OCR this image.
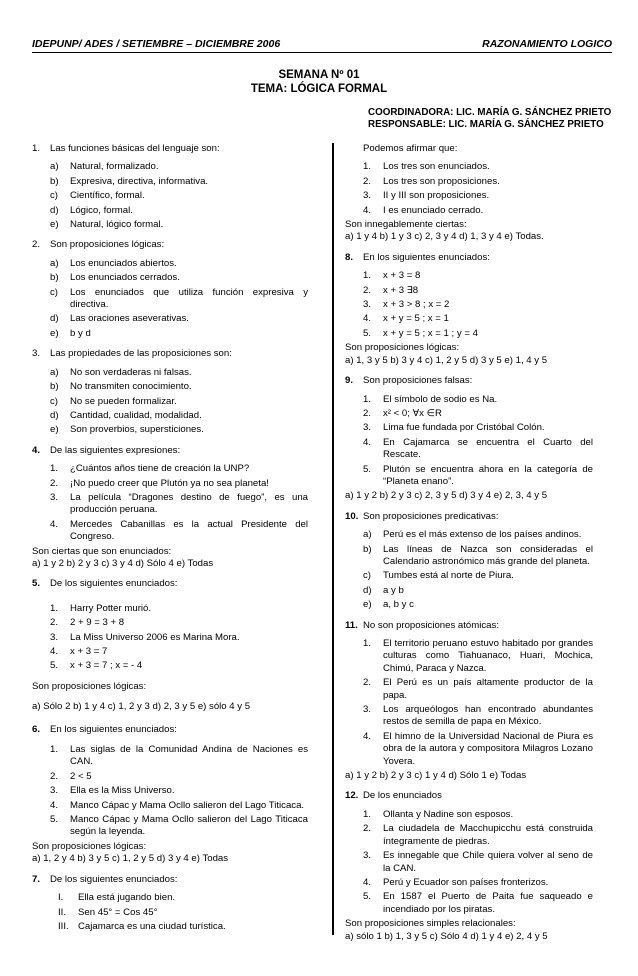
IDEPUNP/ ADES / SETIEMBRE – DICIEMBRE 2006	RAZONAMIENTO LOGICO
SEMANA Nº 01
TEMA: LÓGICA FORMAL
COORDINADORA: LIC. MARÍA G. SÁNCHEZ PRIETO
RESPONSABLE: LIC. MARÍA G. SÁNCHEZ PRIETO
1. Las funciones básicas del lenguaje son:

a) Natural, formalizado.
b) Expresiva, directiva, informativa.
c) Científico, formal.
d) Lógico, formal.
e) Natural, lógico formal.
2. Son proposiciones lógicas:

a) Los enunciados abiertos.
b) Los enunciados cerrados.
c) Los enunciados que utiliza función expresiva y directiva.
d) Las oraciones aseverativas.
e) b y d
3. Las propiedades de las proposiciones son:

a) No son verdaderas ni falsas.
b) No transmiten conocimiento.
c) No se pueden formalizar.
d) Cantidad, cualidad, modalidad.
e) Son proverbios, supersticiones.
4. De las siguientes expresiones:

1. ¿Cuántos años tiene de creación la UNP?
2. ¡No puedo creer que Plutón ya no sea planeta!
3. La película “Dragones destino de fuego”, es una producción peruana.
4. Mercedes Cabanillas es la actual Presidente del Congreso.

Son ciertas que son enunciados:

a) 1 y 2 b) 2 y 3 c) 3 y 4 d) Sólo 4 e) Todas

5. De los siguientes enunciados:

1. Harry Potter murió.
2. 2 + 9 = 3 + 8
3. La Miss Universo 2006 es Marina Mora.
4. x + 3 = 7
5. x + 3 = 7 ; x = - 4

Son proposiciones lógicas:

a) Sólo 2 b) 1 y 4 c) 1, 2 y 3 d) 2, 3 y 5 e) sólo 4 y 5

6. En los siguientes enunciados:

1. Las siglas de la Comunidad Andina de Naciones es CAN.
2. 2 < 5
3. Ella es la Miss Universo.
4. Manco Cápac y Mama Ocllo salieron del Lago Titicaca.
5. Manco Cápac y Mama Ocllo salieron del Lago Titicaca según la leyenda.

Son proposiciones lógicas:

a) 1, 2 y 4 b) 3 y 5 c) 1, 2 y 5 d) 3 y 4 e) Todas

7. De los siguientes enunciados:

I. Ella está jugando bien.
II. Sen 45° = Cos 45°
III. Cajamarca es una ciudad turística.

Podemos afirmar que:

1. Los tres son enunciados.
2. Los tres son proposiciones.
3. II y III son proposiciones.
4. I es enunciado cerrado.

Son innegablemente ciertas:

a) 1 y 4 b) 1 y 3 c) 2, 3 y 4 d) 1, 3 y 4 e) Todas.

8. En los siguientes enunciados:

1. x + 3 = 8
2. x + 3 ∃8
3. x + 3 > 8 ; x = 2
4. x + y = 5 ; x = 1
5. x + y = 5 ; x = 1 ; y = 4

Son proposiciones lógicas:

a) 1, 3 y 5 b) 3 y 4 c) 1, 2 y 5 d) 3 y 5 e) 1, 4 y 5

9. Son proposiciones falsas:

1. El símbolo de sodio es Na.
2. x² < 0; ∀x ∈R
3. Lima fue fundada por Cristóbal Colón.
4. En Cajamarca se encuentra el Cuarto del Rescate.
5. Plutón se encuentra ahora en la categoría de “Planeta enano”.

a) 1 y 2 b) 2 y 3 c) 2, 3 y 5 d) 3 y 4 e) 2, 3, 4 y 5

10. Son proposiciones predicativas:

a) Perú es el más extenso de los países andinos.
b) Las líneas de Nazca son consideradas el Calendario astronómico más grande del planeta.
c) Tumbes está al norte de Piura.
d) a y b
e) a, b y c
11. No son proposiciones atómicas:

1. El territorio peruano estuvo habitado por grandes culturas como Tiahuanaco, Huari, Mochica, Chimú, Paraca y Nazca.
2. El Perú es un país altamente productor de la papa.
3. Los arqueólogos han encontrado abundantes restos de semilla de papa en México.
4. El himno de la Universidad Nacional de Piura es obra de la autora y compositora Milagros Lozano Yovera.

a) 1 y 2 b) 2 y 3 c) 1 y 4 d) Sólo 1 e) Todas

12. De los enunciados

1. Ollanta y Nadine son esposos.
2. La ciudadela de Macchupicchu está construida íntegramente de piedras.
3. Es innegable que Chile quiera volver al seno de la CAN.
4. Perú y Ecuador son países fronterizos.
5. En 1587 el Puerto de Paita fue saqueado e incendiado por los piratas.

Son proposiciones simples relacionales:

a) sólo 1 b) 1, 3 y 5 c) Sólo 4 d) 1 y 4 e) 2, 4 y 5
